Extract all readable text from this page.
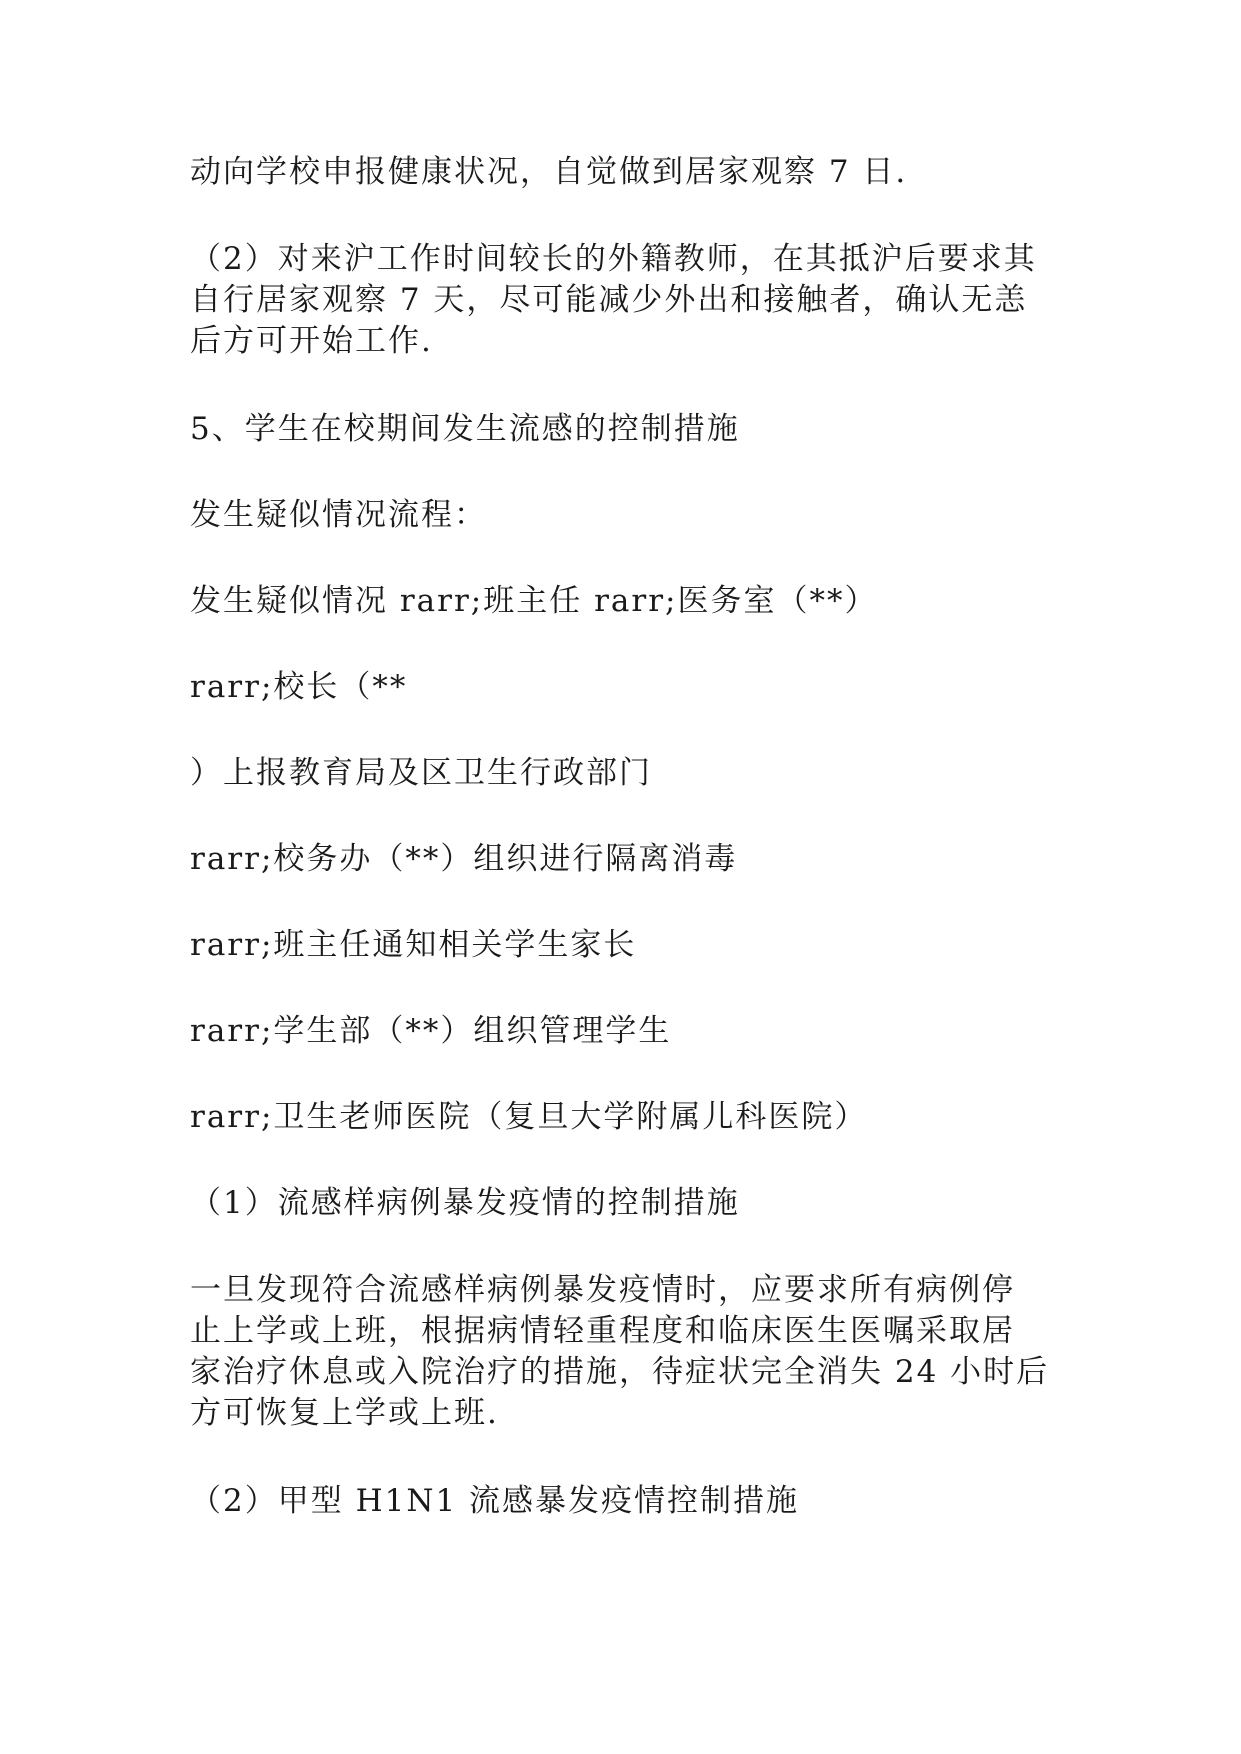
动向学校申报健康状况，自觉做到居家观察 7 日.

（2）对来沪工作时间较长的外籍教师，在其抵沪后要求其
自行居家观察 7 天，尽可能减少外出和接触者，确认无恙
后方可开始工作.

5、学生在校期间发生流感的控制措施

发生疑似情况流程：

发生疑似情况 rarr;班主任 rarr;医务室（**）

rarr;校长（**

）上报教育局及区卫生行政部门

rarr;校务办（**）组织进行隔离消毒

rarr;班主任通知相关学生家长

rarr;学生部（**）组织管理学生

rarr;卫生老师医院（复旦大学附属儿科医院）

（1）流感样病例暴发疫情的控制措施

一旦发现符合流感样病例暴发疫情时，应要求所有病例停
止上学或上班，根据病情轻重程度和临床医生医嘱采取居
家治疗休息或入院治疗的措施，待症状完全消失 24 小时后
方可恢复上学或上班.

（2）甲型 H1N1 流感暴发疫情控制措施
